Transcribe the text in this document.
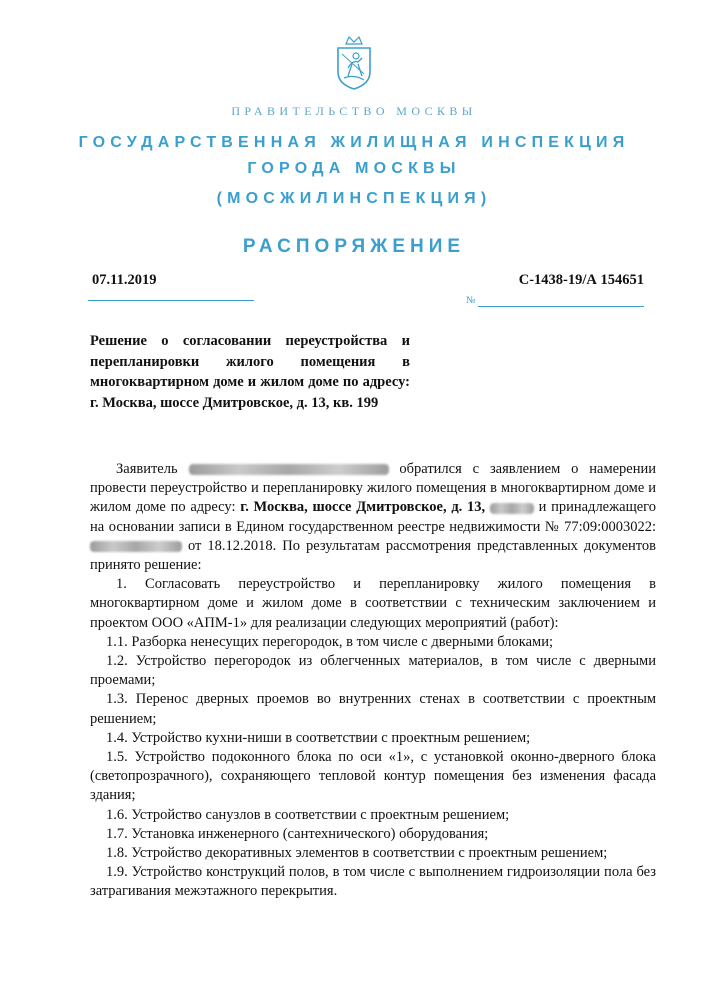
ПРАВИТЕЛЬСТВО МОСКВЫ
ГОСУДАРСТВЕННАЯ ЖИЛИЩНАЯ ИНСПЕКЦИЯ
ГОРОДА МОСКВЫ
(МОСЖИЛИНСПЕКЦИЯ)
РАСПОРЯЖЕНИЕ
07.11.2019	С-1438-19/А 154651
№
Решение о согласовании переустройства и перепланировки жилого помещения в многоквартирном доме и жилом доме по адресу: г. Москва, шоссе Дмитровское, д. 13, кв. 199

Заявитель	обратился с заявлением о намерении провести переустройство и перепланировку жилого помещения в многоквартирном доме и жилом доме по адресу: г. Москва, шоссе Дмитровское, д. 13,	и принадлежащего на основании записи в Едином государственном реестре недвижимости № 77:09:0003022: от 18.12.2018. По результатам рассмотрения представленных документов принято решение:

1. Согласовать переустройство и перепланировку жилого помещения в многоквартирном доме и жилом доме в соответствии с техническим заключением и проектом ООО «АПМ-1» для реализации следующих мероприятий (работ):

1.1. Разборка ненесущих перегородок, в том числе с дверными блоками;

1.2. Устройство перегородок из облегченных материалов, в том числе с дверными проемами;

1.3. Перенос дверных проемов во внутренних стенах в соответствии с проектным решением;

1.4. Устройство кухни-ниши в соответствии с проектным решением;

1.5. Устройство подоконного блока по оси «1», с установкой оконно-дверного блока (светопрозрачного), сохраняющего тепловой контур помещения без изменения фасада здания;

1.6. Устройство санузлов в соответствии с проектным решением;

1.7. Установка инженерного (сантехнического) оборудования;

1.8. Устройство декоративных элементов в соответствии с проектным решением;

1.9. Устройство конструкций полов, в том числе с выполнением гидроизоляции пола без затрагивания межэтажного перекрытия.
